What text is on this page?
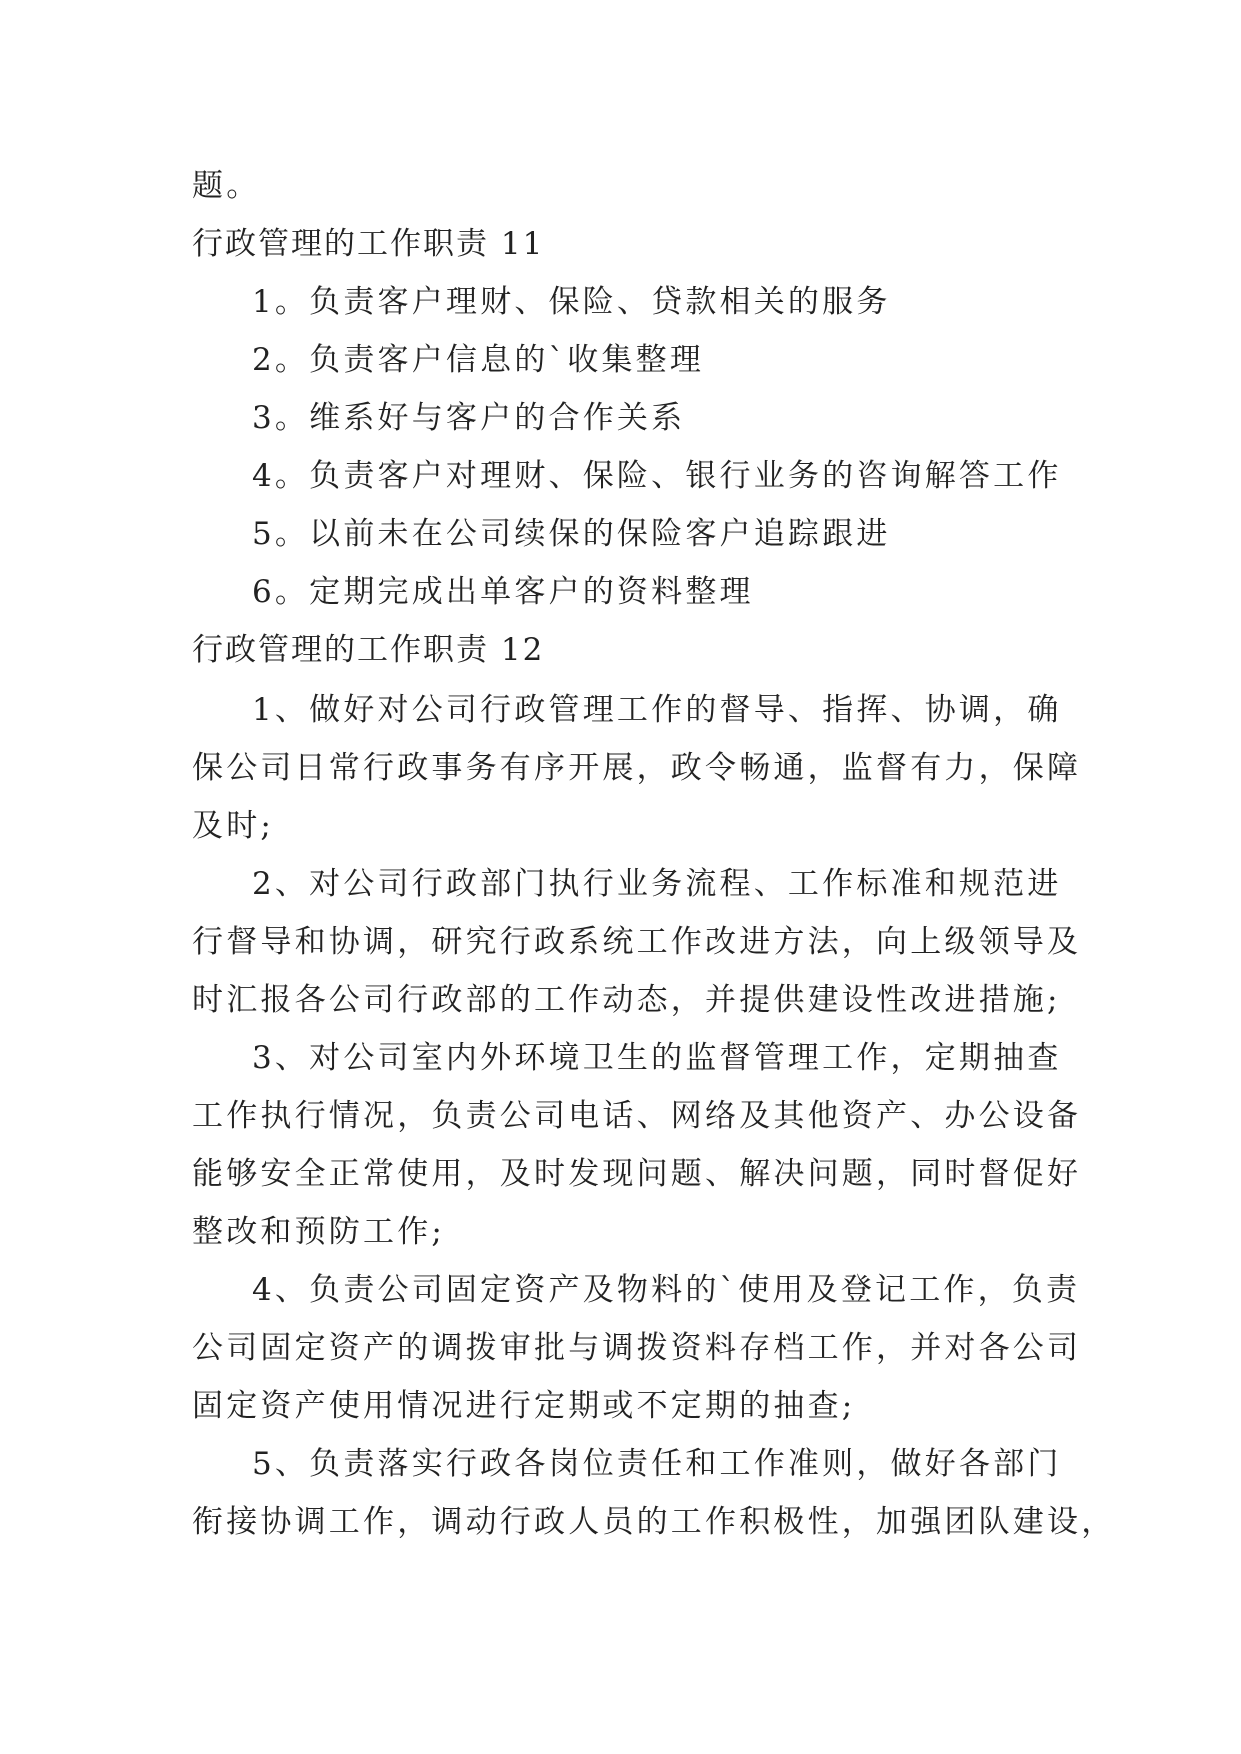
题。
行政管理的工作职责 11
1。负责客户理财、保险、贷款相关的服务
2。负责客户信息的`收集整理
3。维系好与客户的合作关系
4。负责客户对理财、保险、银行业务的咨询解答工作
5。以前未在公司续保的保险客户追踪跟进
6。定期完成出单客户的资料整理
行政管理的工作职责 12
1、做好对公司行政管理工作的督导、指挥、协调，确
保公司日常行政事务有序开展，政令畅通，监督有力，保障
及时;
2、对公司行政部门执行业务流程、工作标准和规范进
行督导和协调，研究行政系统工作改进方法，向上级领导及
时汇报各公司行政部的工作动态，并提供建设性改进措施;
3、对公司室内外环境卫生的监督管理工作，定期抽查
工作执行情况，负责公司电话、网络及其他资产、办公设备
能够安全正常使用，及时发现问题、解决问题，同时督促好
整改和预防工作;
4、负责公司固定资产及物料的`使用及登记工作，负责
公司固定资产的调拨审批与调拨资料存档工作，并对各公司
固定资产使用情况进行定期或不定期的抽查;
5、负责落实行政各岗位责任和工作准则，做好各部门
衔接协调工作，调动行政人员的工作积极性，加强团队建设，
